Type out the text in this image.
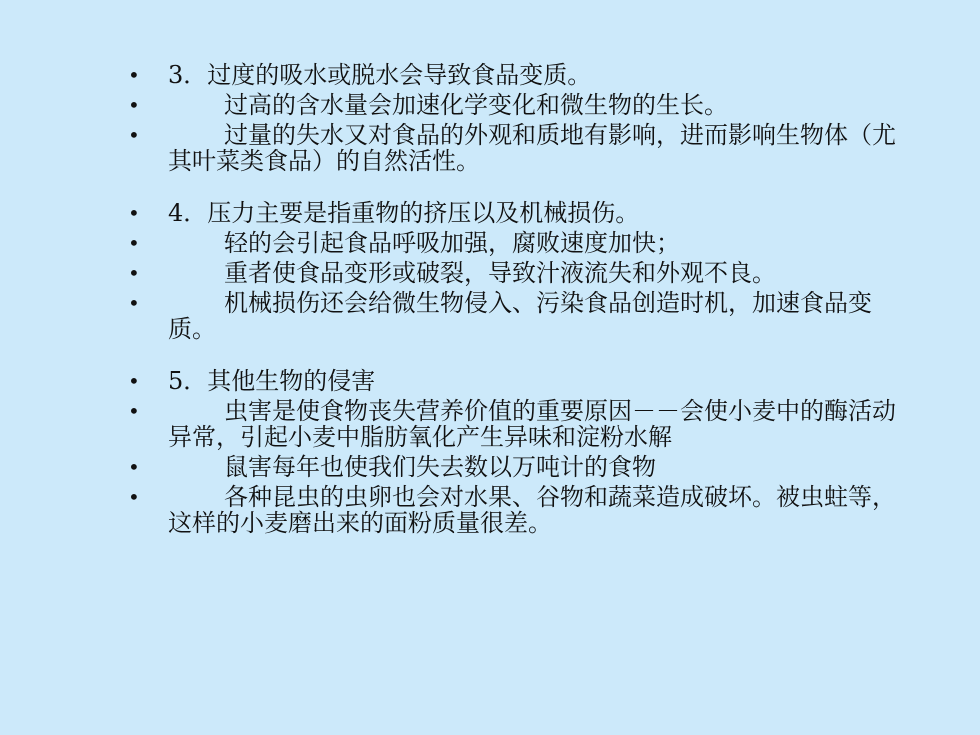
• 3．过度的吸水或脱水会导致食品变质。
•	过高的含水量会加速化学变化和微生物的生长。
•	过量的失水又对食品的外观和质地有影响，进而影响生物体（尤其叶菜类食品）的自然活性。
• 4．压力主要是指重物的挤压以及机械损伤。
•	轻的会引起食品呼吸加强，腐败速度加快；
•	重者使食品变形或破裂，导致汁液流失和外观不良。
•	机械损伤还会给微生物侵入、污染食品创造时机，加速食品变质。
• 5．其他生物的侵害
•	虫害是使食物丧失营养价值的重要原因－－会使小麦中的酶活动异常，引起小麦中脂肪氧化产生异味和淀粉水解
•	鼠害每年也使我们失去数以万吨计的食物
•	各种昆虫的虫卵也会对水果、谷物和蔬菜造成破坏。被虫蛀等，这样的小麦磨出来的面粉质量很差。
